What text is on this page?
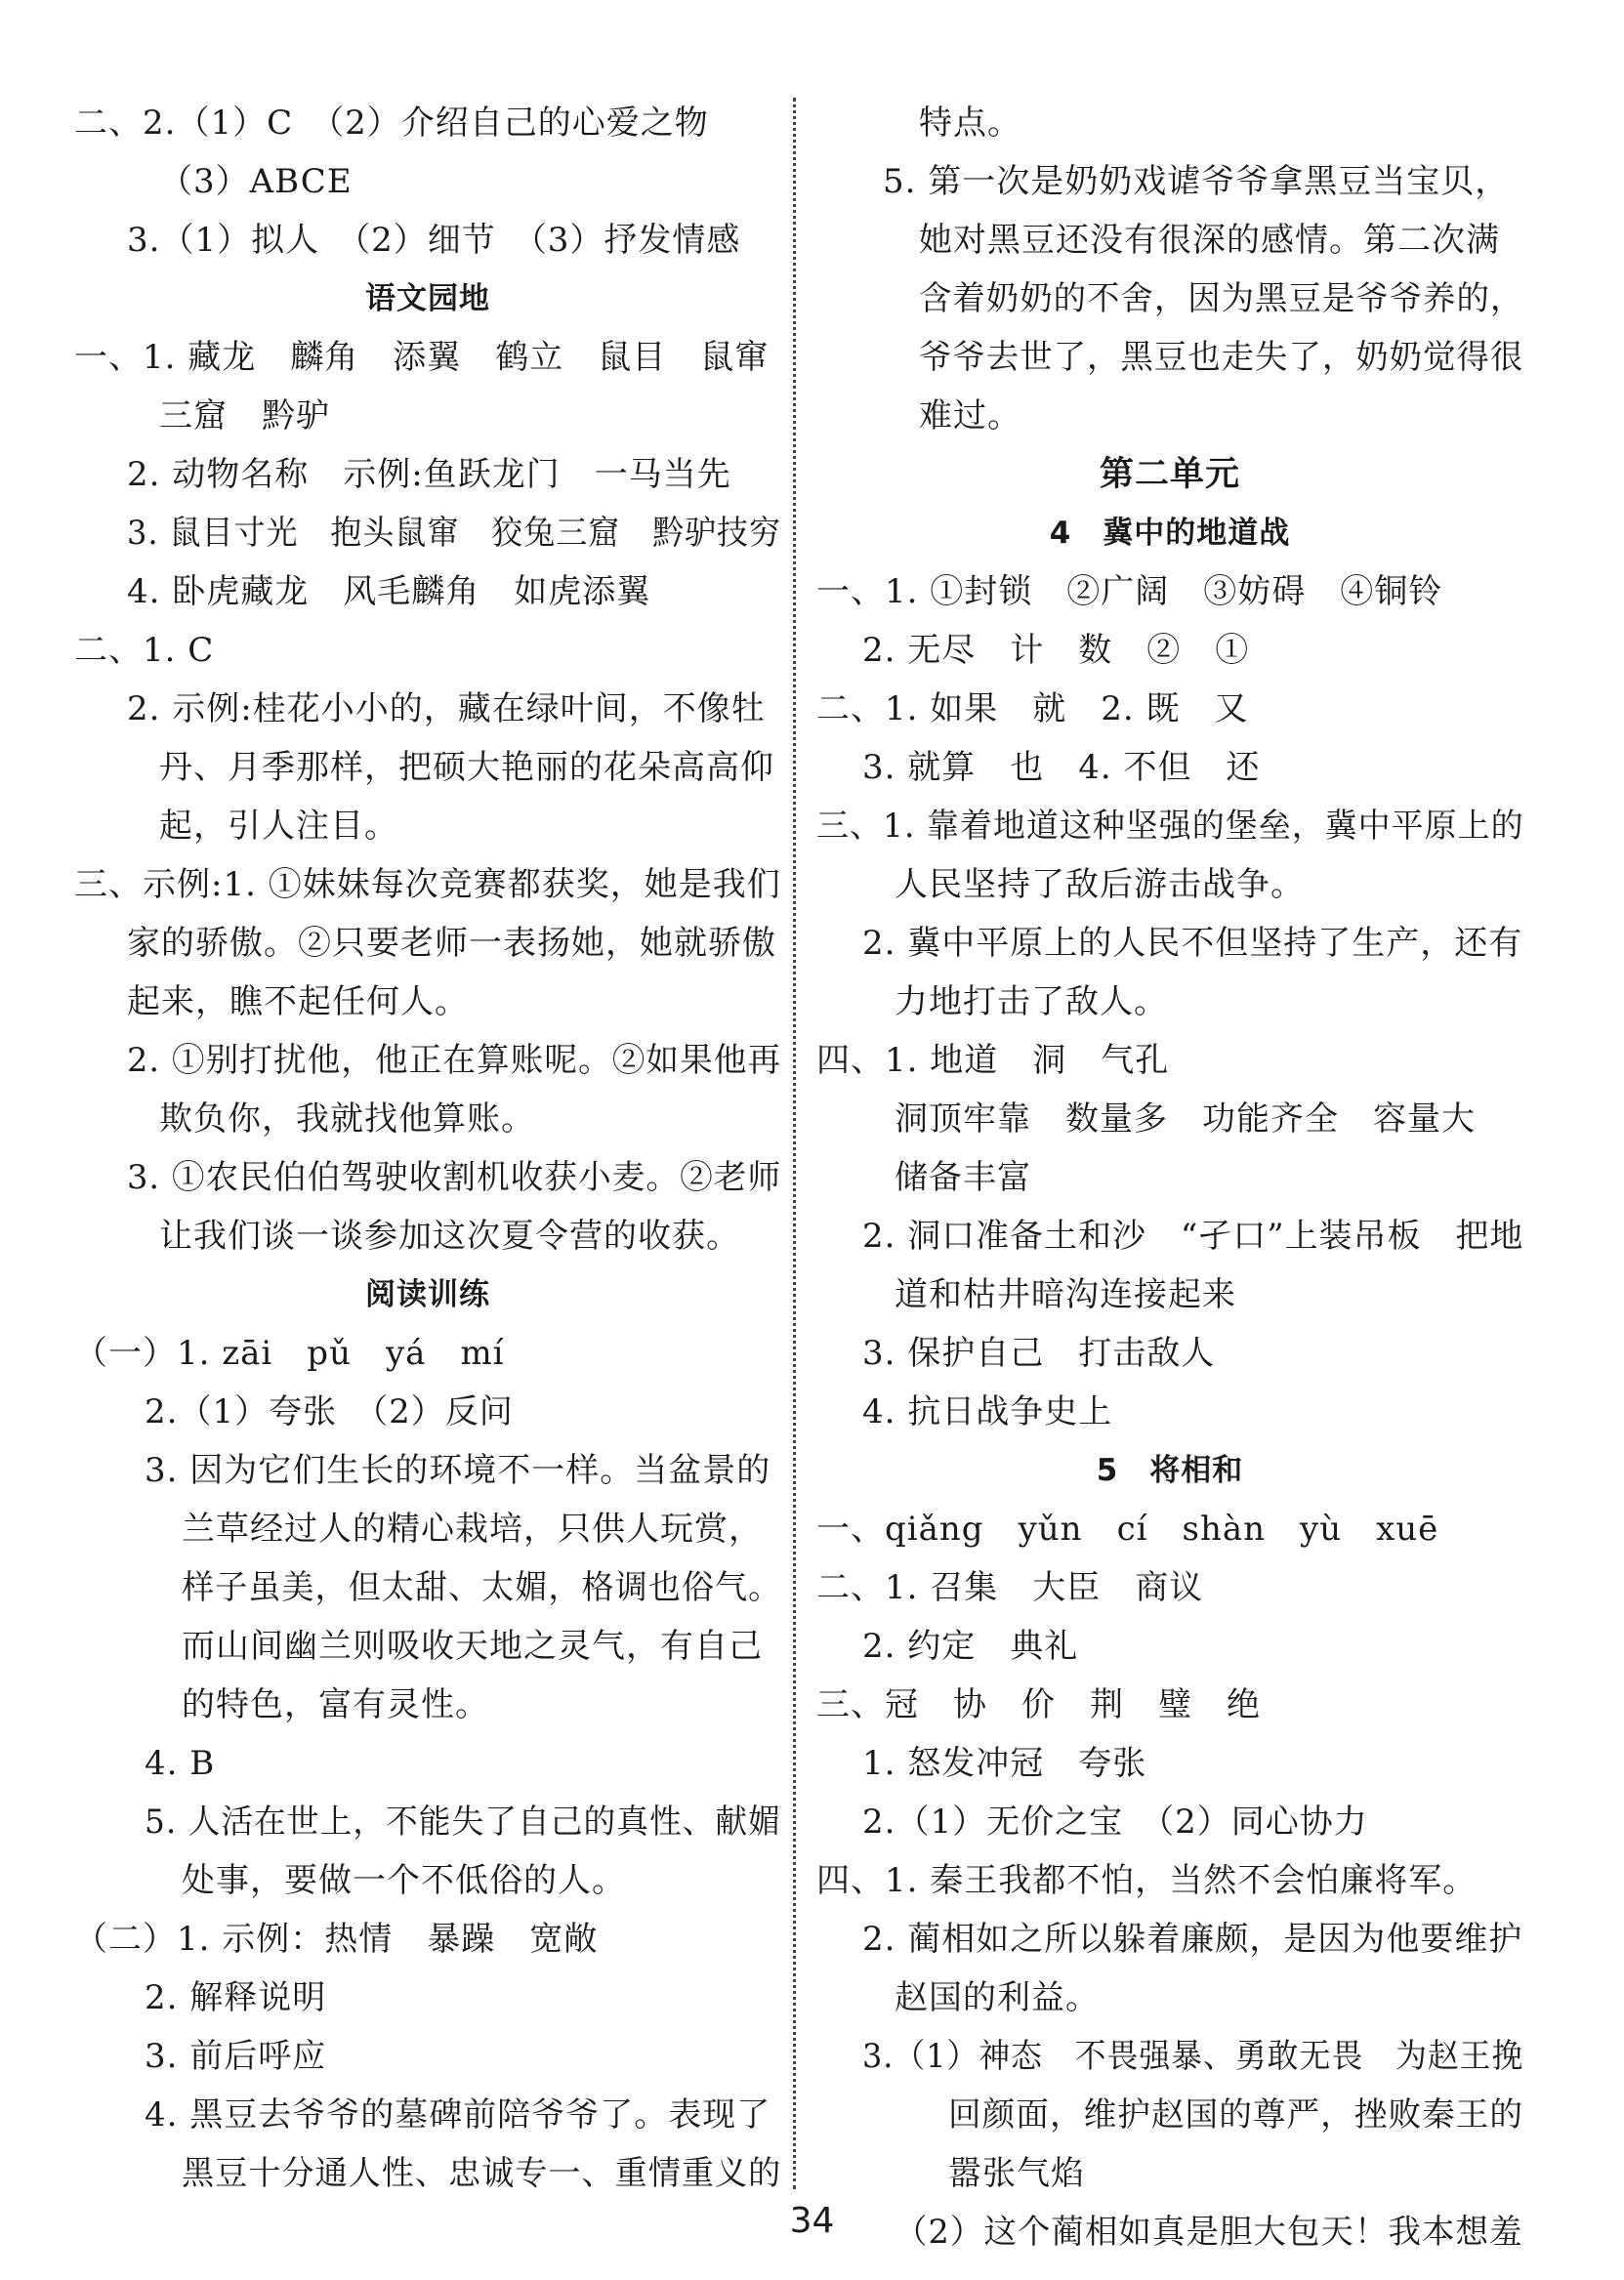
二、2.（1）C　（2）介绍自己的心爱之物
（3）ABCE
3.（1）拟人　（2）细节　（3）抒发情感
语文园地
一、1. 藏龙　麟角　添翼　鹤立　鼠目　鼠窜
三窟　黔驴
2. 动物名称　示例:鱼跃龙门　一马当先
3. 鼠目寸光　抱头鼠窜　狡兔三窟　黔驴技穷
4. 卧虎藏龙　风毛麟角　如虎添翼
二、1. C
2. 示例:桂花小小的，藏在绿叶间，不像牡
丹、月季那样，把硕大艳丽的花朵高高仰
起，引人注目。
三、示例:1. ①妹妹每次竞赛都获奖，她是我们
家的骄傲。②只要老师一表扬她，她就骄傲
起来，瞧不起任何人。
2. ①别打扰他，他正在算账呢。②如果他再
欺负你，我就找他算账。
3. ①农民伯伯驾驶收割机收获小麦。②老师
让我们谈一谈参加这次夏令营的收获。
阅读训练
（一）1. zāi　pǔ　yá　mí
2.（1）夸张　（2）反问
3. 因为它们生长的环境不一样。当盆景的
兰草经过人的精心栽培，只供人玩赏，
样子虽美，但太甜、太媚，格调也俗气。
而山间幽兰则吸收天地之灵气，有自己
的特色，富有灵性。
4. B
5. 人活在世上，不能失了自己的真性、献媚
处事，要做一个不低俗的人。
（二）1. 示例：热情　暴躁　宽敞
2. 解释说明
3. 前后呼应
4. 黑豆去爷爷的墓碑前陪爷爷了。表现了
黑豆十分通人性、忠诚专一、重情重义的
特点。
5. 第一次是奶奶戏谑爷爷拿黑豆当宝贝，
她对黑豆还没有很深的感情。第二次满
含着奶奶的不舍，因为黑豆是爷爷养的，
爷爷去世了，黑豆也走失了，奶奶觉得很
难过。
第二单元
4　冀中的地道战
一、1. ①封锁　②广阔　③妨碍　④铜铃
2. 无尽　计　数　②　①
二、1. 如果　就　2. 既　又
3. 就算　也　4. 不但　还
三、1. 靠着地道这种坚强的堡垒，冀中平原上的
人民坚持了敌后游击战争。
2. 冀中平原上的人民不但坚持了生产，还有
力地打击了敌人。
四、1. 地道　洞　气孔
洞顶牢靠　数量多　功能齐全　容量大
储备丰富
2. 洞口准备土和沙　“孑口”上装吊板　把地
道和枯井暗沟连接起来
3. 保护自己　打击敌人
4. 抗日战争史上
5　将相和
一、qiǎng　yǔn　cí　shàn　yù　xuē
二、1. 召集　大臣　商议
2. 约定　典礼
三、冠　协　价　荆　璧　绝
1. 怒发冲冠　夸张
2.（1）无价之宝　（2）同心协力
四、1. 秦王我都不怕，当然不会怕廉将军。
2. 蔺相如之所以躲着廉颇，是因为他要维护
赵国的利益。
3.（1）神态　不畏强暴、勇敢无畏　为赵王挽
回颜面，维护赵国的尊严，挫败秦王的
嚣张气焰
（2）这个蔺相如真是胆大包天！我本想羞
34
